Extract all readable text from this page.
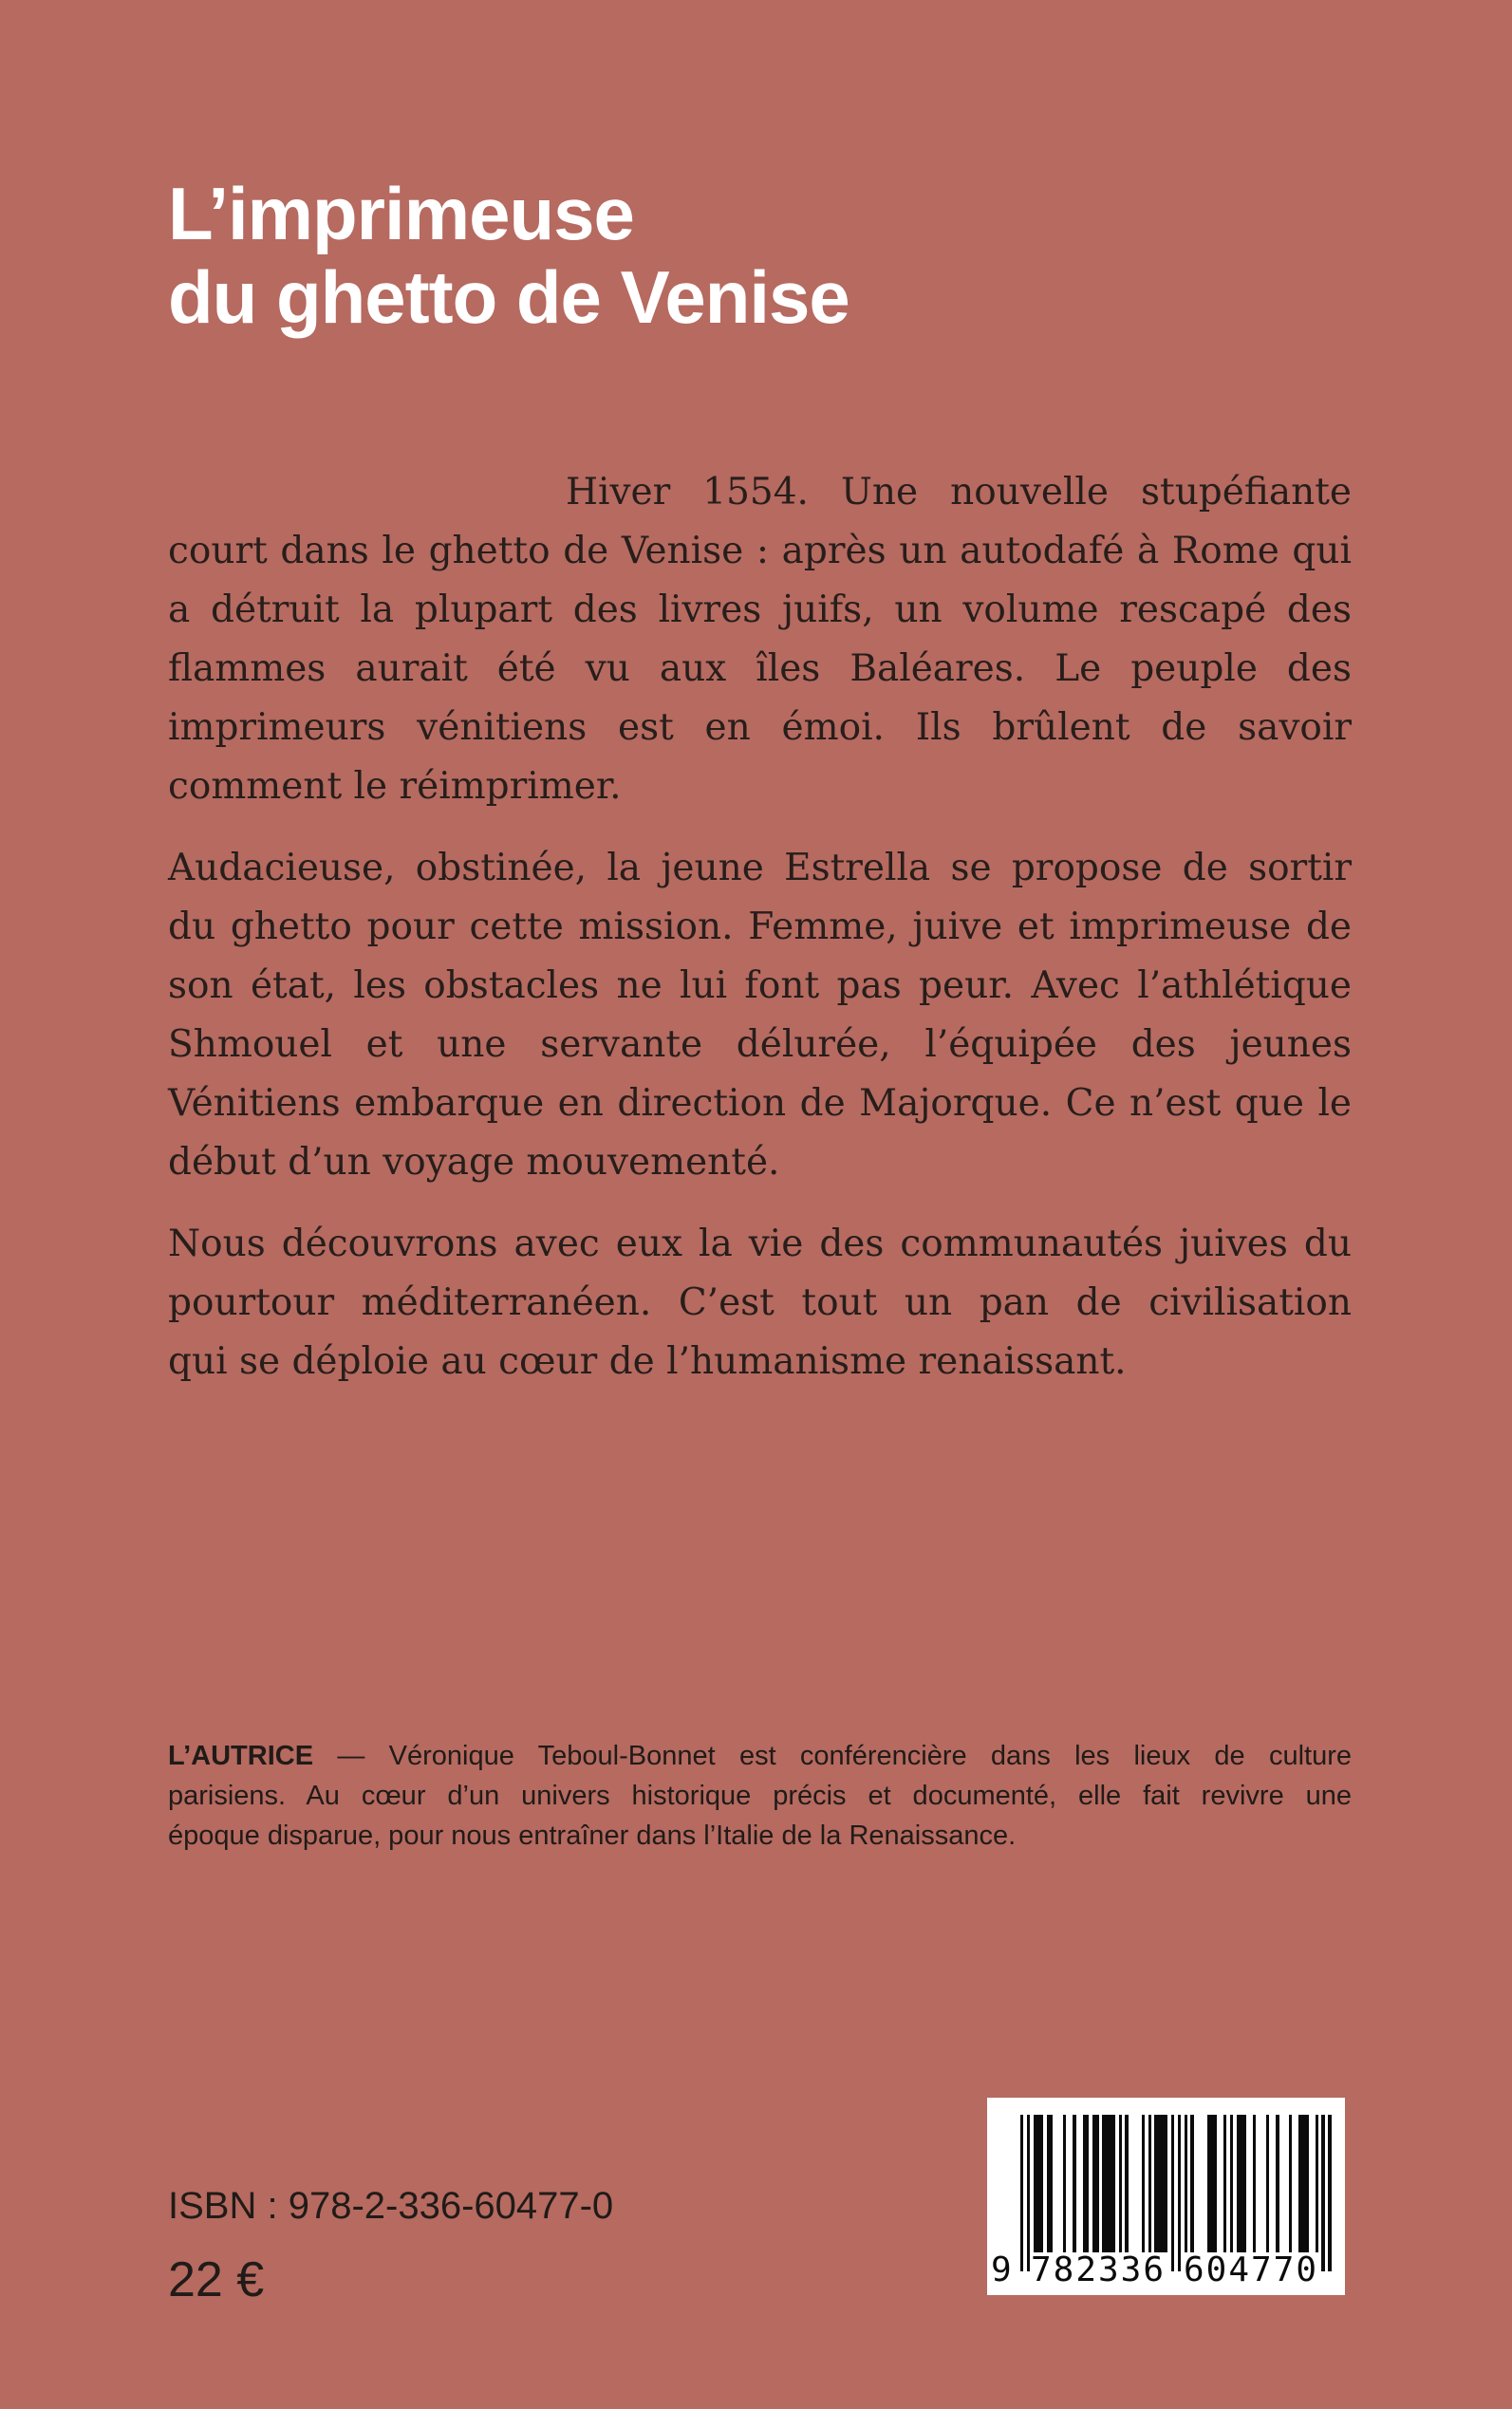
L’imprimeuse
du ghetto de Venise
Hiver 1554. Une nouvelle stupéfiante
court dans le ghetto de Venise : après un autodafé à Rome qui
a détruit la plupart des livres juifs, un volume rescapé des
flammes aurait été vu aux îles Baléares. Le peuple des
imprimeurs vénitiens est en émoi. Ils brûlent de savoir
comment le réimprimer.
Audacieuse, obstinée, la jeune Estrella se propose de sortir
du ghetto pour cette mission. Femme, juive et imprimeuse de
son état, les obstacles ne lui font pas peur. Avec l’athlétique
Shmouel et une servante délurée, l’équipée des jeunes
Vénitiens embarque en direction de Majorque. Ce n’est que le
début d’un voyage mouvementé.
Nous découvrons avec eux la vie des communautés juives du
pourtour méditerranéen. C’est tout un pan de civilisation
qui se déploie au cœur de l’humanisme renaissant.
L’AUTRICE — Véronique Teboul-Bonnet est conférencière dans les lieux de culture
parisiens. Au cœur d’un univers historique précis et documenté, elle fait revivre une
époque disparue, pour nous entraîner dans l’Italie de la Renaissance.
ISBN : 978-2-336-60477-0
22 €	9 782336 604770
